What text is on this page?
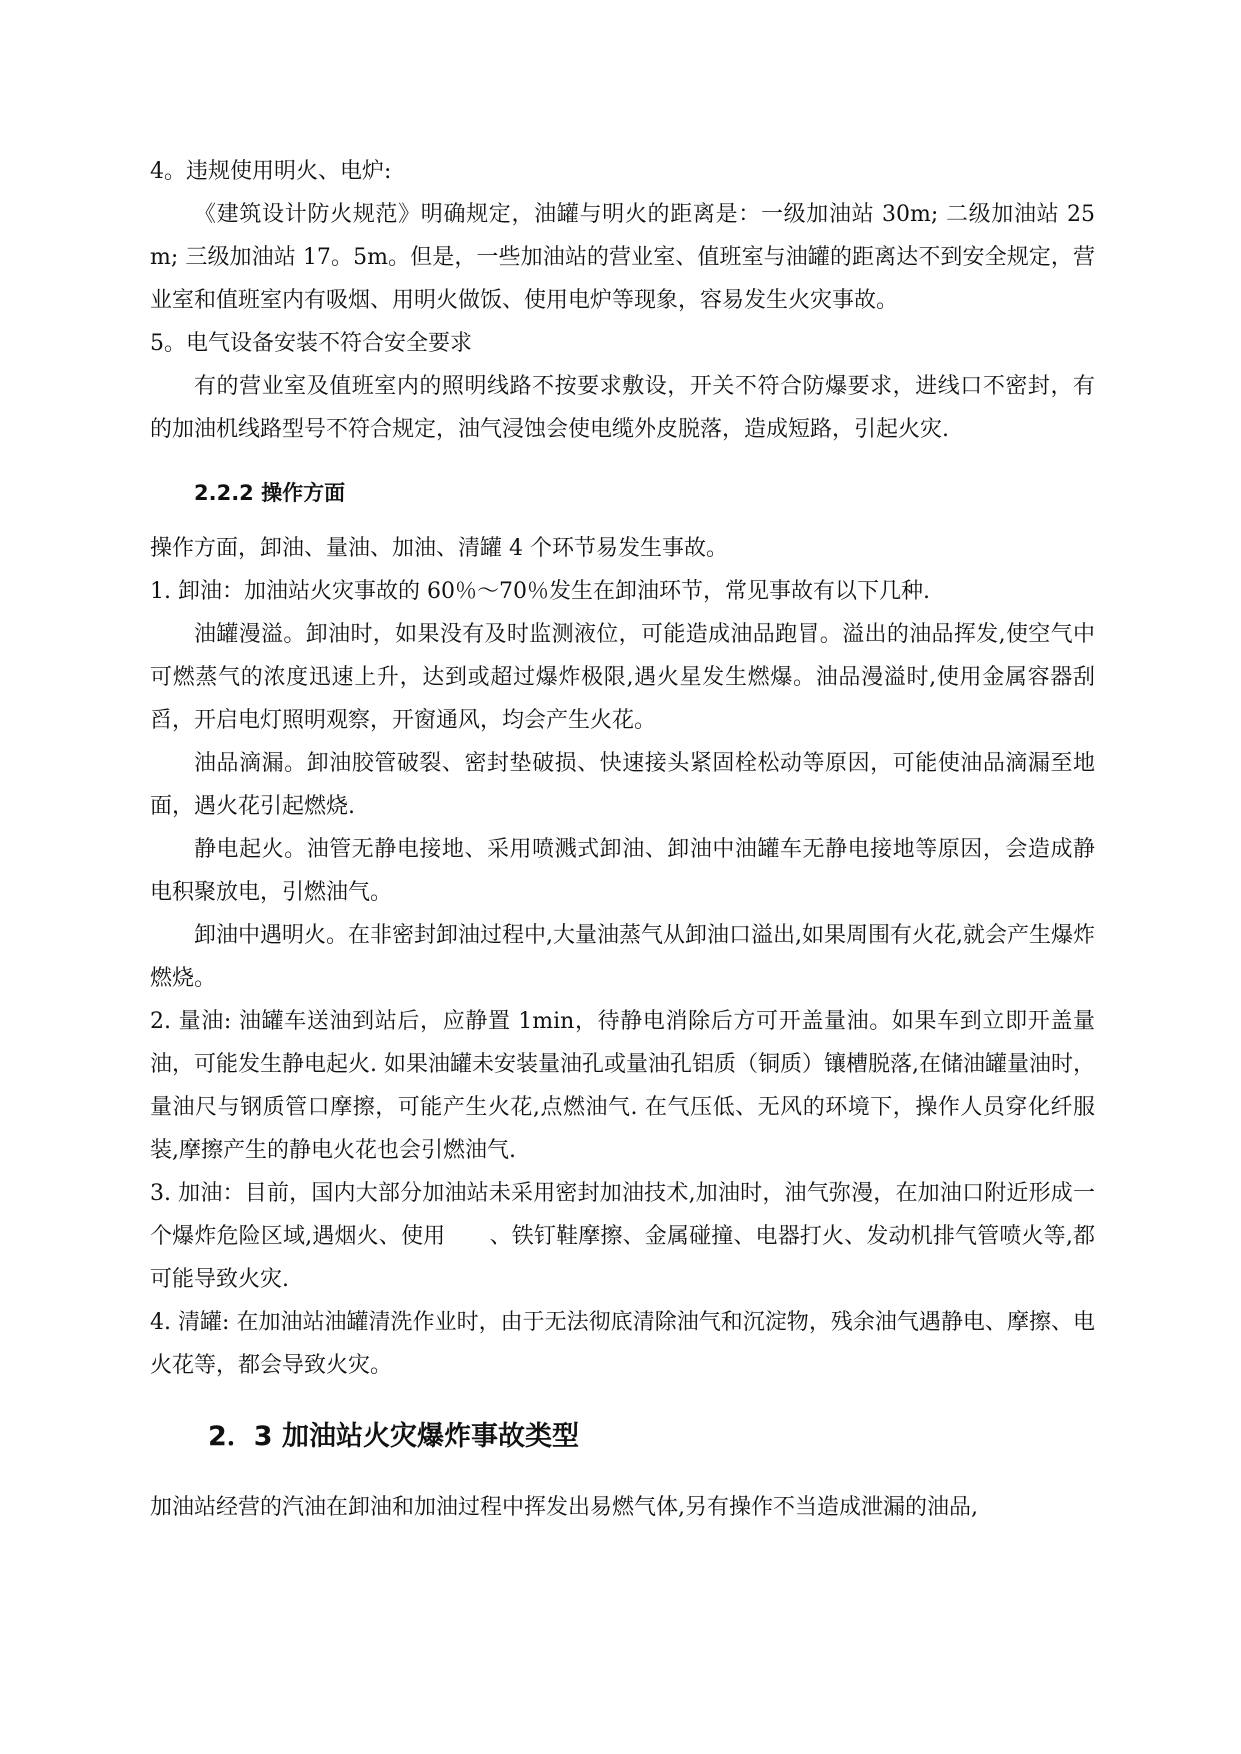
4。违规使用明火、电炉:

《建筑设计防火规范》明确规定，油罐与明火的距离是：一级加油站 30m; 二级加油站 25m; 三级加油站 17。5m。但是，一些加油站的营业室、值班室与油罐的距离达不到安全规定，营业室和值班室内有吸烟、用明火做饭、使用电炉等现象，容易发生火灾事故。

5。电气设备安装不符合安全要求

有的营业室及值班室内的照明线路不按要求敷设，开关不符合防爆要求，进线口不密封，有的加油机线路型号不符合规定，油气浸蚀会使电缆外皮脱落，造成短路，引起火灾.

2.2.2 操作方面

操作方面，卸油、量油、加油、清罐 4 个环节易发生事故。

1. 卸油：加油站火灾事故的 60％～70％发生在卸油环节，常见事故有以下几种.

油罐漫溢。卸油时，如果没有及时监测液位，可能造成油品跑冒。溢出的油品挥发,使空气中可燃蒸气的浓度迅速上升，达到或超过爆炸极限,遇火星发生燃爆。油品漫溢时,使用金属容器刮舀，开启电灯照明观察，开窗通风，均会产生火花。

油品滴漏。卸油胶管破裂、密封垫破损、快速接头紧固栓松动等原因，可能使油品滴漏至地面，遇火花引起燃烧.

静电起火。油管无静电接地、采用喷溅式卸油、卸油中油罐车无静电接地等原因，会造成静电积聚放电，引燃油气。

卸油中遇明火。在非密封卸油过程中,大量油蒸气从卸油口溢出,如果周围有火花,就会产生爆炸燃烧。

2. 量油: 油罐车送油到站后，应静置 1min，待静电消除后方可开盖量油。如果车到立即开盖量油，可能发生静电起火. 如果油罐未安装量油孔或量油孔铝质（铜质）镶槽脱落,在储油罐量油时，量油尺与钢质管口摩擦，可能产生火花,点燃油气. 在气压低、无风的环境下，操作人员穿化纤服装,摩擦产生的静电火花也会引燃油气.

3. 加油：目前，国内大部分加油站未采用密封加油技术,加油时，油气弥漫，在加油口附近形成一个爆炸危险区域,遇烟火、使用　　、铁钉鞋摩擦、金属碰撞、电器打火、发动机排气管喷火等,都可能导致火灾.

4. 清罐: 在加油站油罐清洗作业时，由于无法彻底清除油气和沉淀物，残余油气遇静电、摩擦、电火花等，都会导致火灾。

2．3 加油站火灾爆炸事故类型

加油站经营的汽油在卸油和加油过程中挥发出易燃气体,另有操作不当造成泄漏的油品,
